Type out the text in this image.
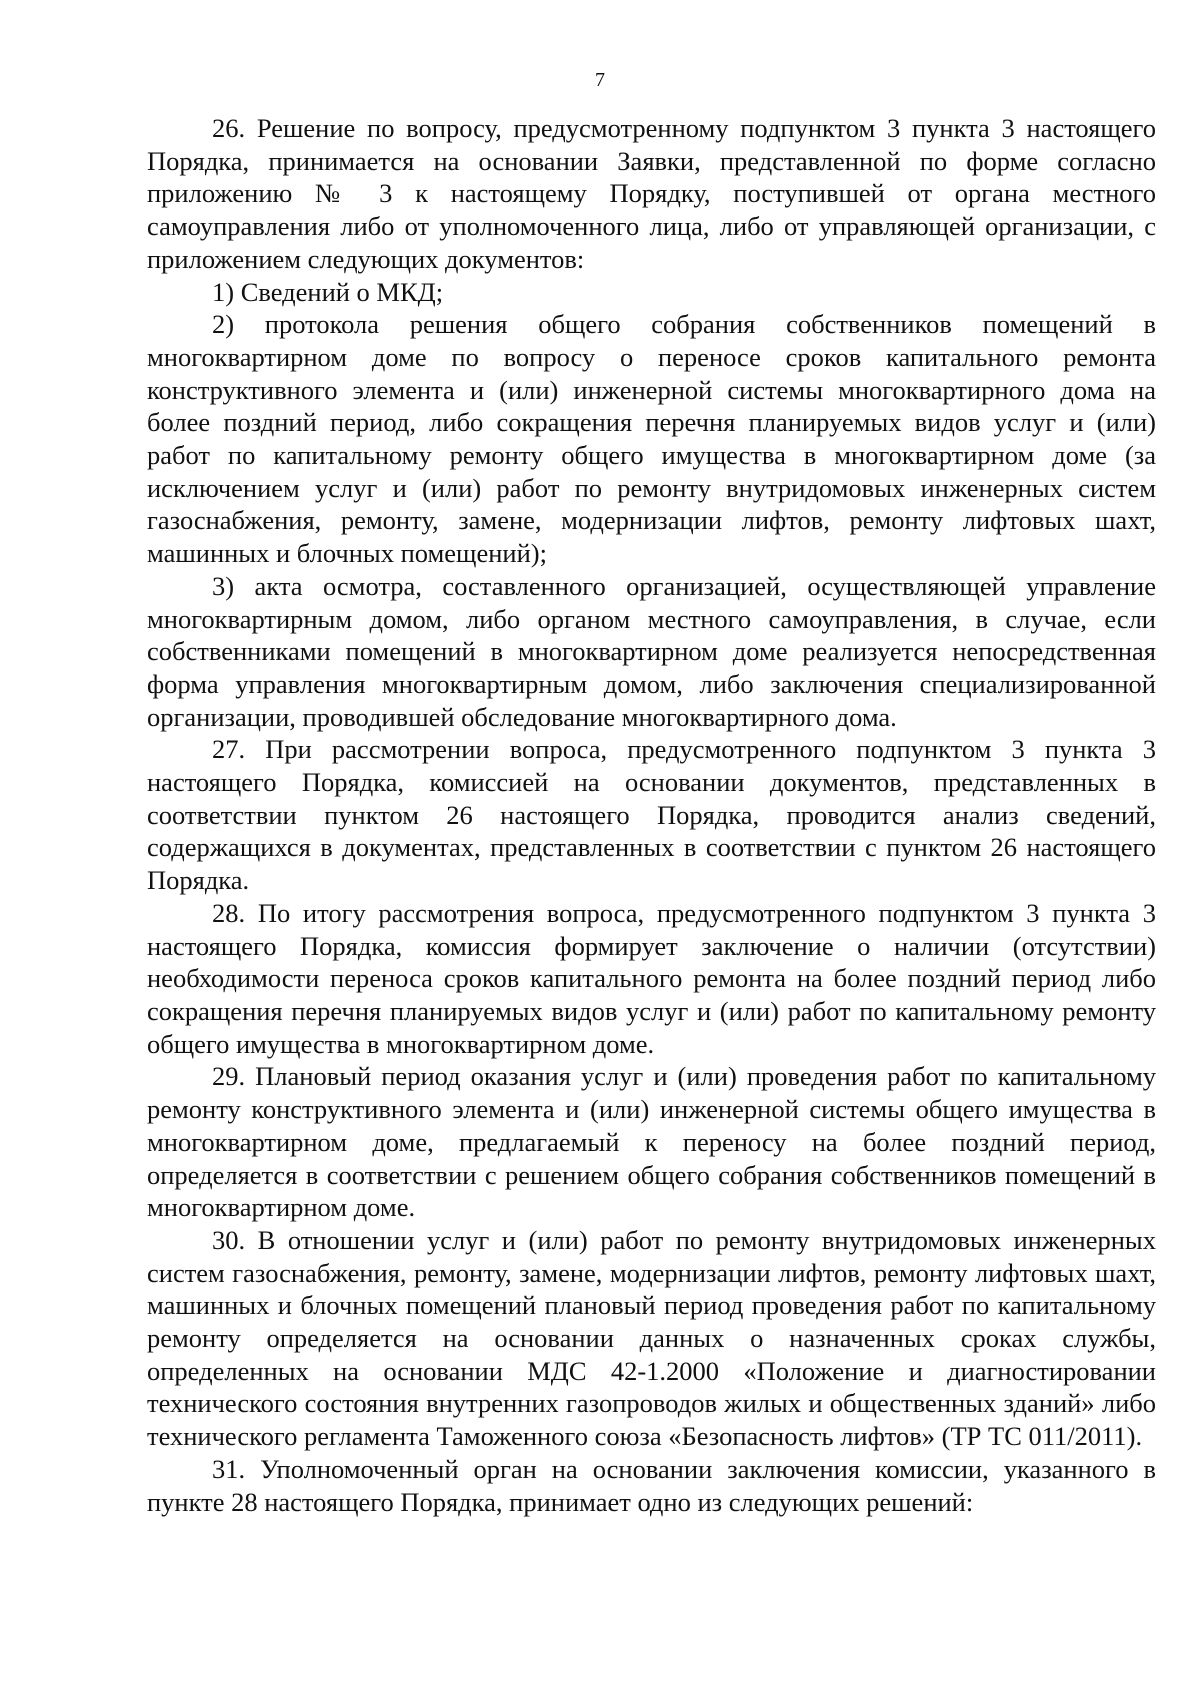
7

26. Решение по вопросу, предусмотренному подпунктом 3 пункта 3 настоящего Порядка, принимается на основании Заявки, представленной по форме согласно приложению № 3 к настоящему Порядку, поступившей от органа местного самоуправления либо от уполномоченного лица, либо от управляющей организации, с приложением следующих документов:

1) Сведений о МКД;

2) протокола решения общего собрания собственников помещений в многоквартирном доме по вопросу о переносе сроков капитального ремонта конструктивного элемента и (или) инженерной системы многоквартирного дома на более поздний период, либо сокращения перечня планируемых видов услуг и (или) работ по капитальному ремонту общего имущества в многоквартирном доме (за исключением услуг и (или) работ по ремонту внутридомовых инженерных систем газоснабжения, ремонту, замене, модернизации лифтов, ремонту лифтовых шахт, машинных и блочных помещений);

3) акта осмотра, составленного организацией, осуществляющей управление многоквартирным домом, либо органом местного самоуправления, в случае, если собственниками помещений в многоквартирном доме реализуется непосредственная форма управления многоквартирным домом, либо заключения специализированной организации, проводившей обследование многоквартирного дома.

27. При рассмотрении вопроса, предусмотренного подпунктом 3 пункта 3 настоящего Порядка, комиссией на основании документов, представленных в соответствии пунктом 26 настоящего Порядка, проводится анализ сведений, содержащихся в документах, представленных в соответствии с пунктом 26 настоящего Порядка.

28. По итогу рассмотрения вопроса, предусмотренного подпунктом 3 пункта 3 настоящего Порядка, комиссия формирует заключение о наличии (отсутствии) необходимости переноса сроков капитального ремонта на более поздний период либо сокращения перечня планируемых видов услуг и (или) работ по капитальному ремонту общего имущества в многоквартирном доме.

29. Плановый период оказания услуг и (или) проведения работ по капитальному ремонту конструктивного элемента и (или) инженерной системы общего имущества в многоквартирном доме, предлагаемый к переносу на более поздний период, определяется в соответствии с решением общего собрания собственников помещений в многоквартирном доме.

30. В отношении услуг и (или) работ по ремонту внутридомовых инженерных систем газоснабжения, ремонту, замене, модернизации лифтов, ремонту лифтовых шахт, машинных и блочных помещений плановый период проведения работ по капитальному ремонту определяется на основании данных о назначенных сроках службы, определенных на основании МДС 42-1.2000 «Положение и диагностировании технического состояния внутренних газопроводов жилых и общественных зданий» либо технического регламента Таможенного союза «Безопасность лифтов» (ТР ТС 011/2011).

31. Уполномоченный орган на основании заключения комиссии, указанного в пункте 28 настоящего Порядка, принимает одно из следующих решений:
